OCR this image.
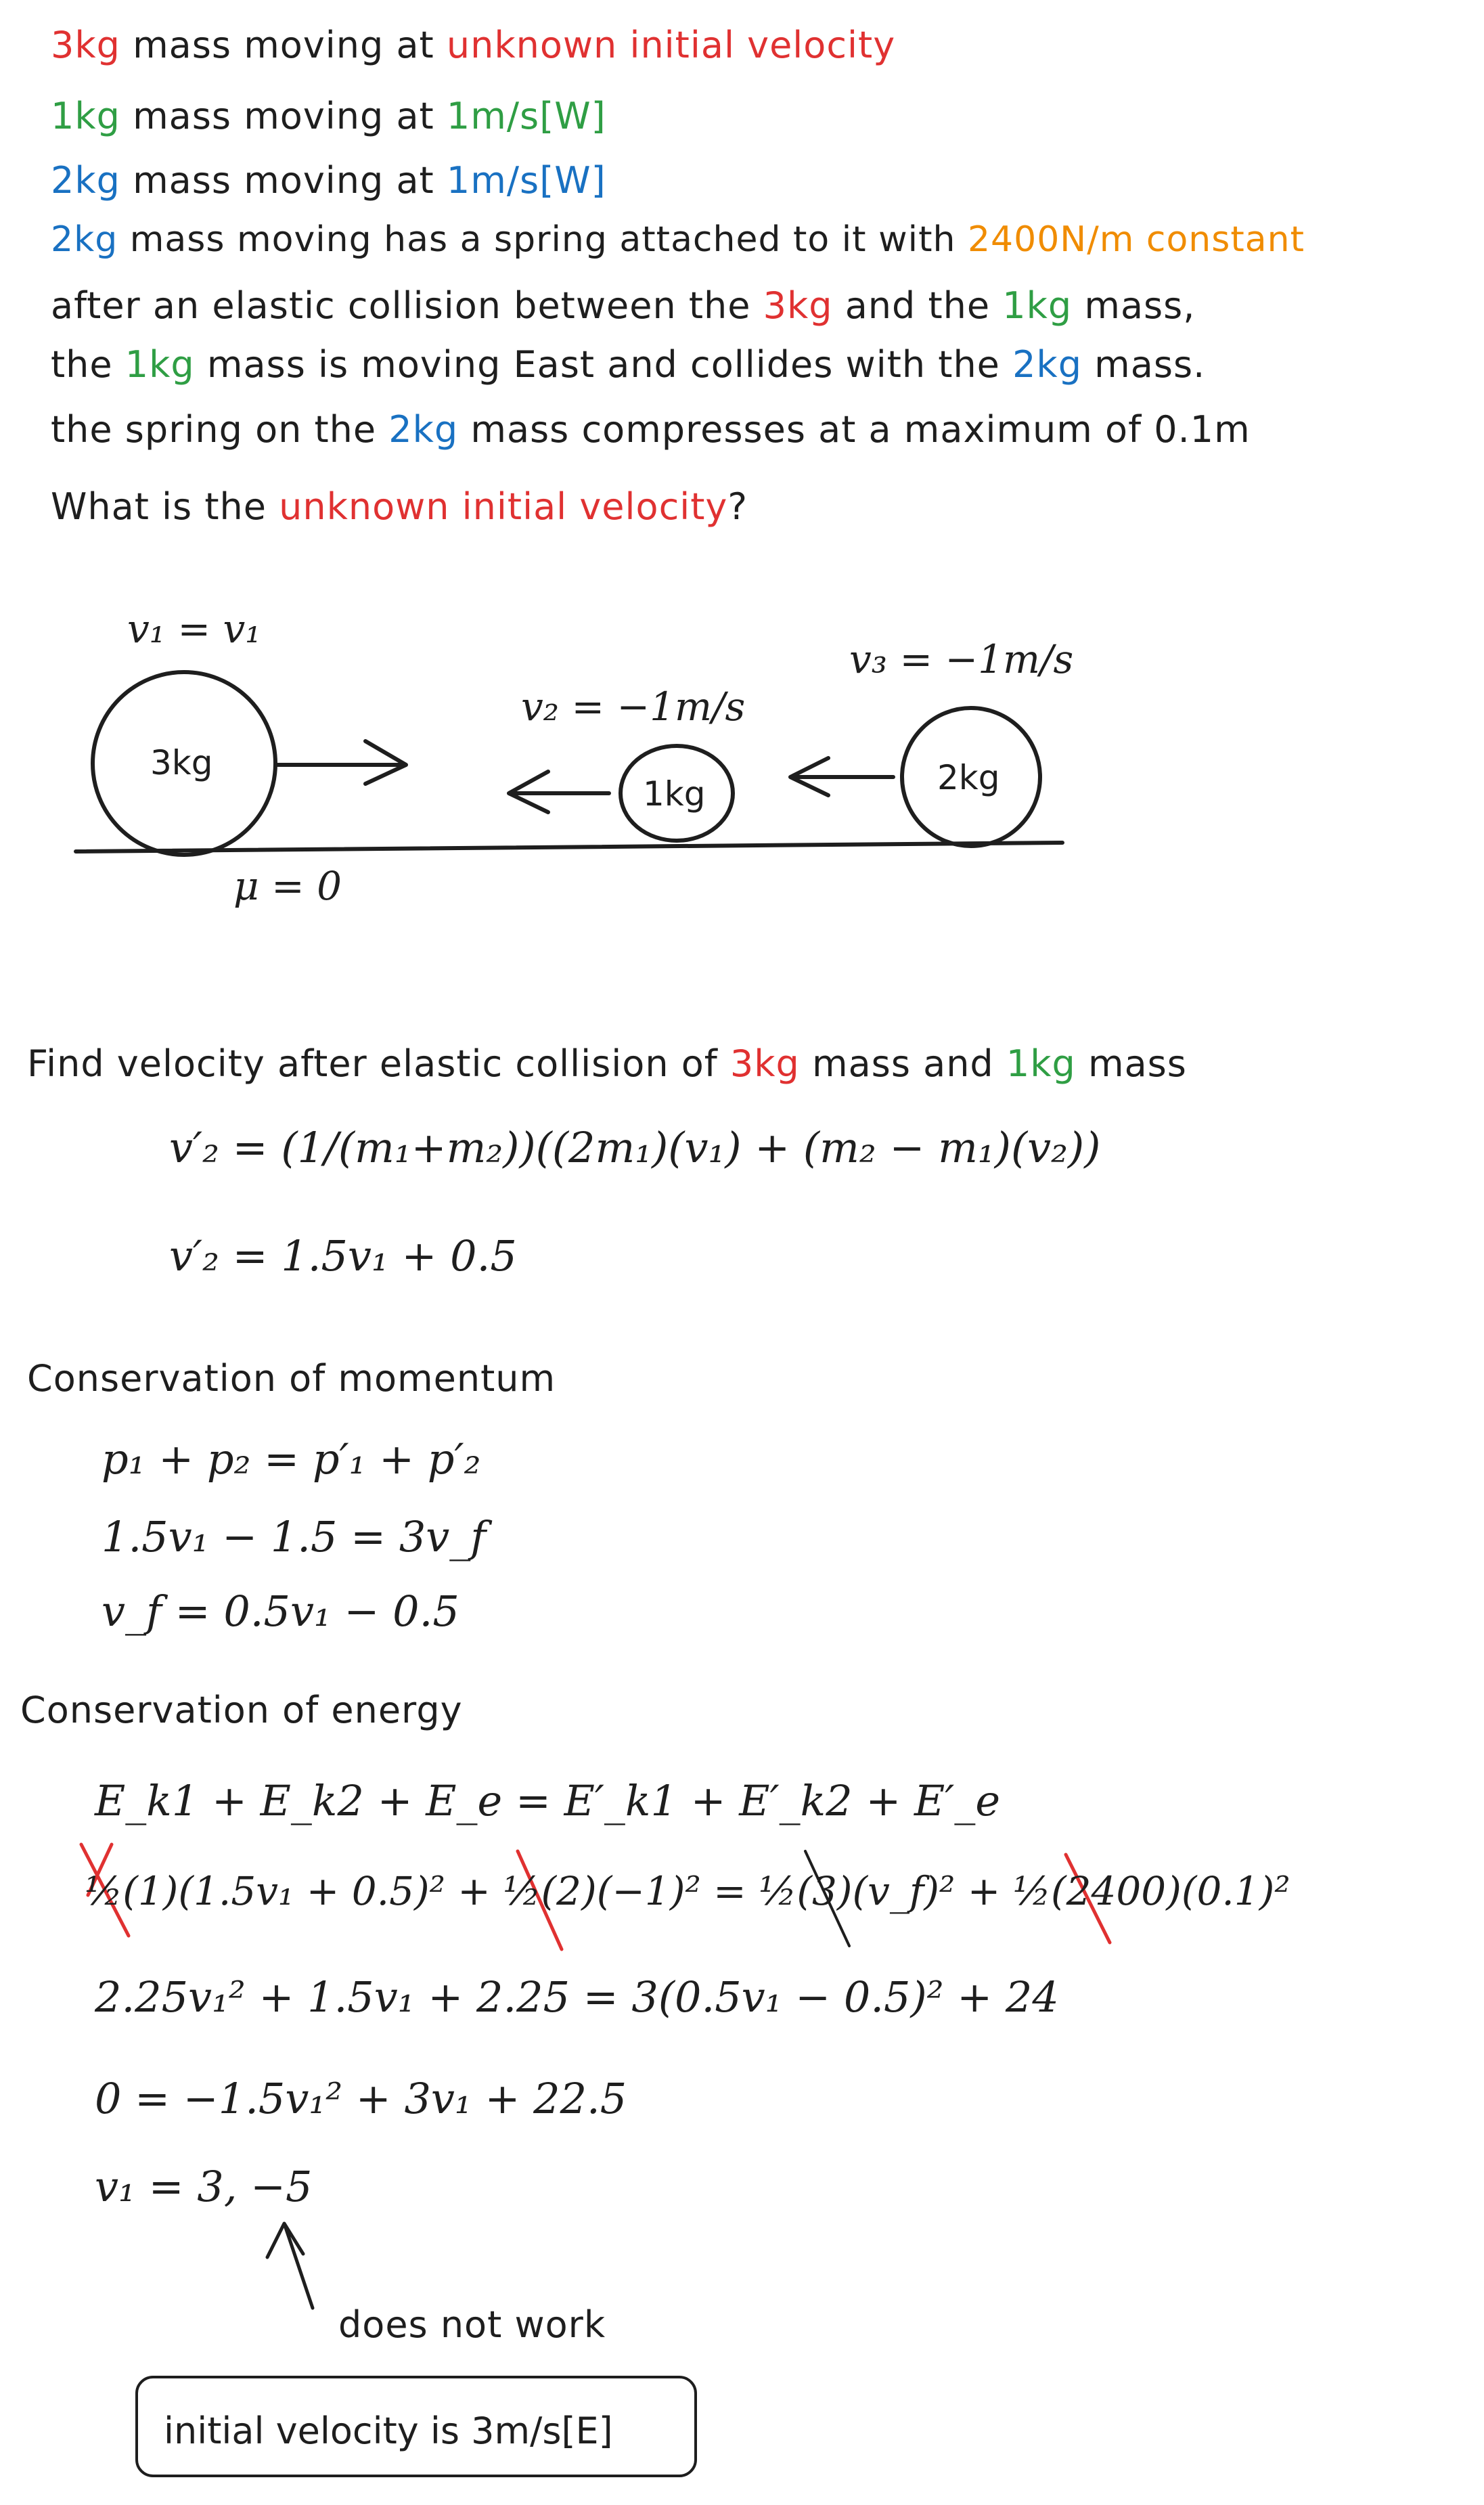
3kg mass moving at unknown initial velocity
1kg mass moving at 1m/s[W]
2kg mass moving at 1m/s[W]
2kg mass moving has a spring attached to it with 2400N/m constant
after an elastic collision between the 3kg and the 1kg mass,
the 1kg mass is moving East and collides with the 2kg mass.
the spring on the 2kg mass compresses at a maximum of 0.1m
What is the unknown initial velocity?
v₁ = v₁
v₃ = −1m/s
v₂ = −1m/s
μ = 0
3kg
1kg	2kg
Find velocity after elastic collision of 3kg mass and 1kg mass
v′₂ = (1/(m₁+m₂))((2m₁)(v₁) + (m₂ − m₁)(v₂))
v′₂ = 1.5v₁ + 0.5
Conservation of momentum
p₁ + p₂ = p′₁ + p′₂
1.5v₁ − 1.5 = 3v_f
v_f = 0.5v₁ − 0.5
Conservation of energy
E_k1 + E_k2 + E_e = E′_k1 + E′_k2 + E′_e
½(1)(1.5v₁ + 0.5)² + ½(2)(−1)² = ½(3)(v_f)² + ½(2400)(0.1)²
2.25v₁² + 1.5v₁ + 2.25 = 3(0.5v₁ − 0.5)² + 24
0 = −1.5v₁² + 3v₁ + 22.5
v₁ = 3, −5
does not work
initial velocity is 3m/s[E]
